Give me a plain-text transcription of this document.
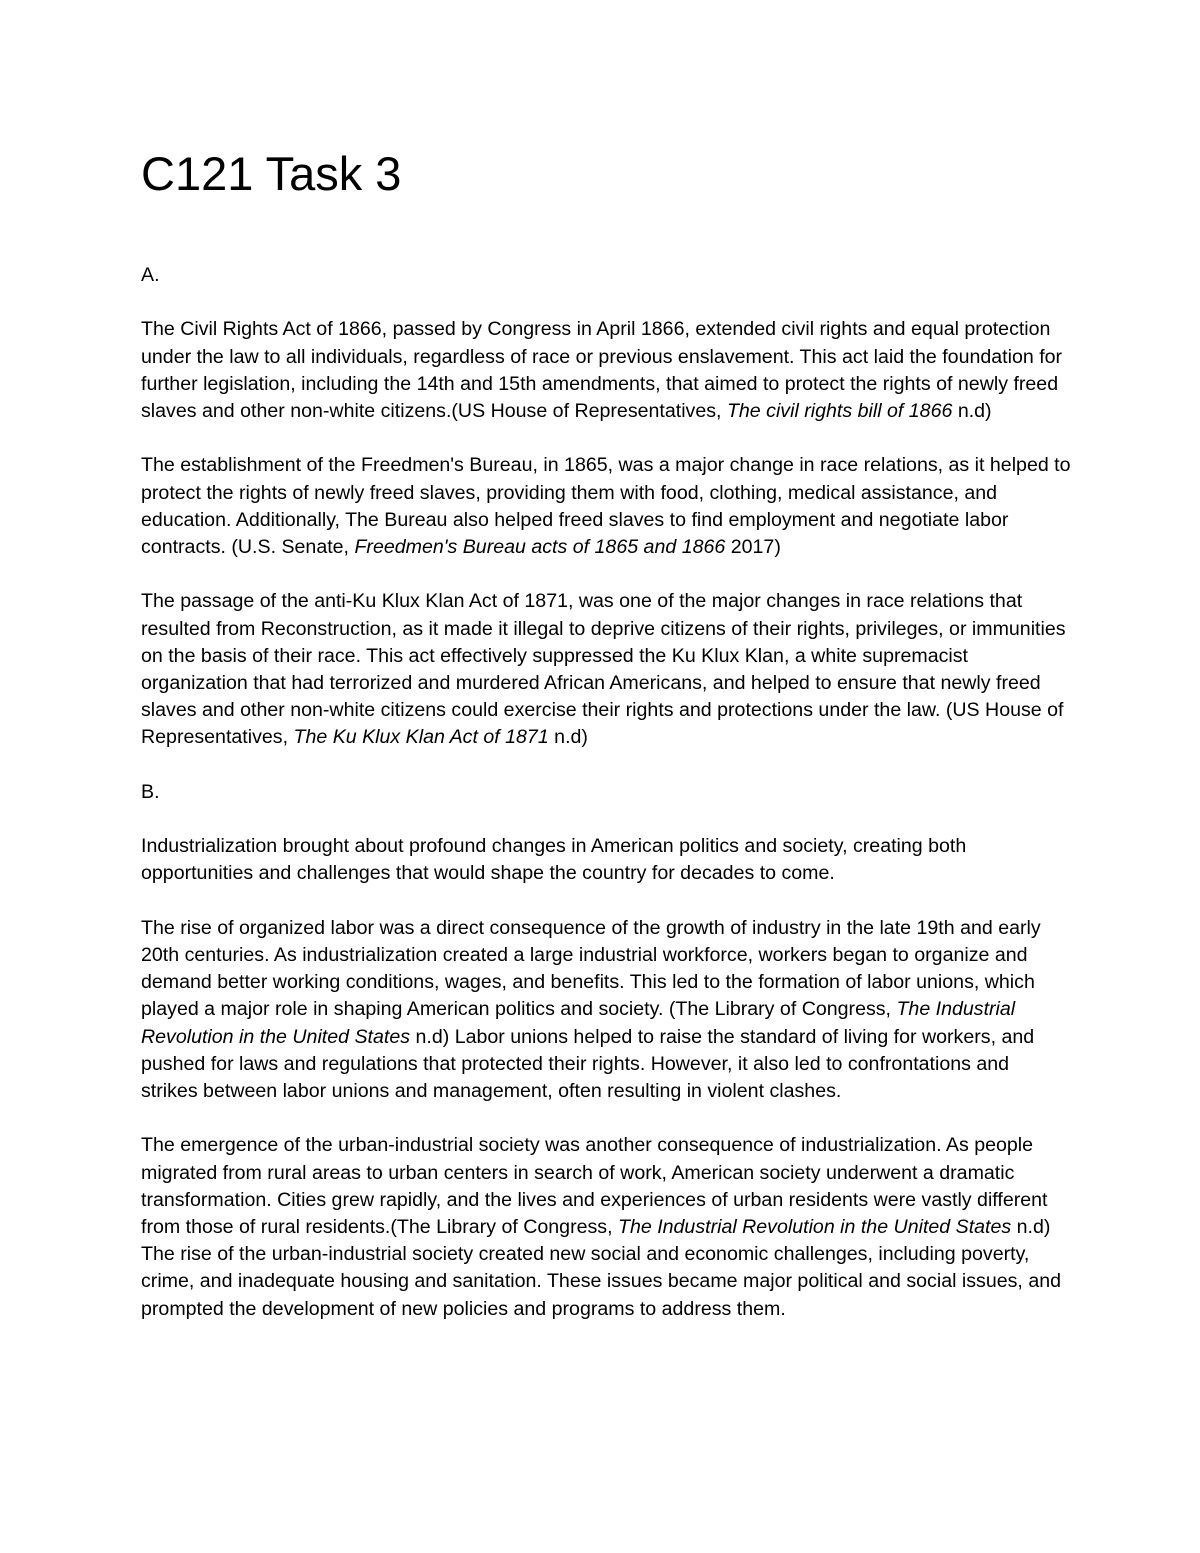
C121 Task 3
A.
The Civil Rights Act of 1866, passed by Congress in April 1866, extended civil rights and equal protection under the law to all individuals, regardless of race or previous enslavement. This act laid the foundation for further legislation, including the 14th and 15th amendments, that aimed to protect the rights of newly freed slaves and other non-white citizens.(US House of Representatives, The civil rights bill of 1866 n.d)
The establishment of the Freedmen's Bureau, in 1865, was a major change in race relations, as it helped to protect the rights of newly freed slaves, providing them with food, clothing, medical assistance, and education. Additionally, The Bureau also helped freed slaves to find employment and negotiate labor contracts. (U.S. Senate, Freedmen's Bureau acts of 1865 and 1866 2017)
The passage of the anti-Ku Klux Klan Act of 1871, was one of the major changes in race relations that resulted from Reconstruction, as it made it illegal to deprive citizens of their rights, privileges, or immunities on the basis of their race. This act effectively suppressed the Ku Klux Klan, a white supremacist organization that had terrorized and murdered African Americans, and helped to ensure that newly freed slaves and other non-white citizens could exercise their rights and protections under the law. (US House of Representatives, The Ku Klux Klan Act of 1871 n.d)
B.
Industrialization brought about profound changes in American politics and society, creating both opportunities and challenges that would shape the country for decades to come.
The rise of organized labor was a direct consequence of the growth of industry in the late 19th and early 20th centuries. As industrialization created a large industrial workforce, workers began to organize and demand better working conditions, wages, and benefits. This led to the formation of labor unions, which played a major role in shaping American politics and society. (The Library of Congress, The Industrial Revolution in the United States n.d) Labor unions helped to raise the standard of living for workers, and pushed for laws and regulations that protected their rights. However, it also led to confrontations and strikes between labor unions and management, often resulting in violent clashes.
The emergence of the urban-industrial society was another consequence of industrialization. As people migrated from rural areas to urban centers in search of work, American society underwent a dramatic transformation. Cities grew rapidly, and the lives and experiences of urban residents were vastly different from those of rural residents.(The Library of Congress, The Industrial Revolution in the United States n.d) The rise of the urban-industrial society created new social and economic challenges, including poverty, crime, and inadequate housing and sanitation. These issues became major political and social issues, and prompted the development of new policies and programs to address them.
